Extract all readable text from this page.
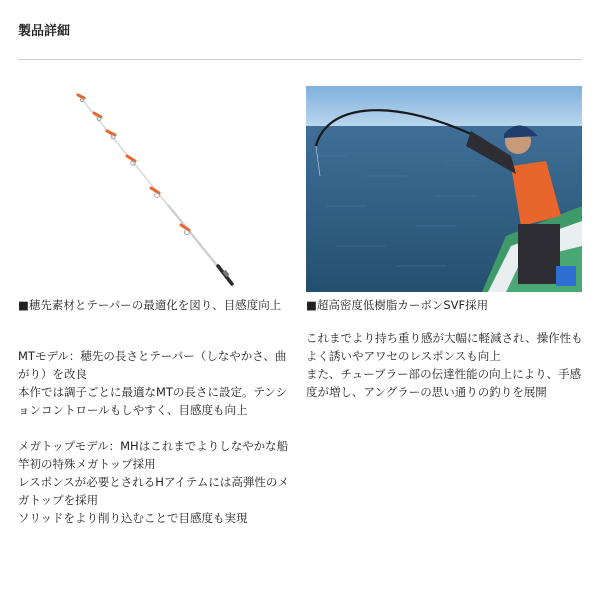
製品詳細
■穂先素材とテーパーの最適化を図り、目感度向上	■超高密度低樹脂カーボンSVF採用

MTモデル：穂先の長さとテーパー（しなやかさ、曲がり）を改良

本作では調子ごとに最適なMTの長さに設定。テンションコントロールもしやすく、目感度も向上

メガトップモデル：MHはこれまでよりしなやかな船竿初の特殊メガトップ採用

レスポンスが必要とされるHアイテムには高弾性のメガトップを採用

ソリッドをより削り込むことで目感度も実現

これまでより持ち重り感が大幅に軽減され、操作性もよく誘いやアワセのレスポンスも向上

また、チューブラー部の伝達性能の向上により、手感度が増し、アングラーの思い通りの釣りを展開
